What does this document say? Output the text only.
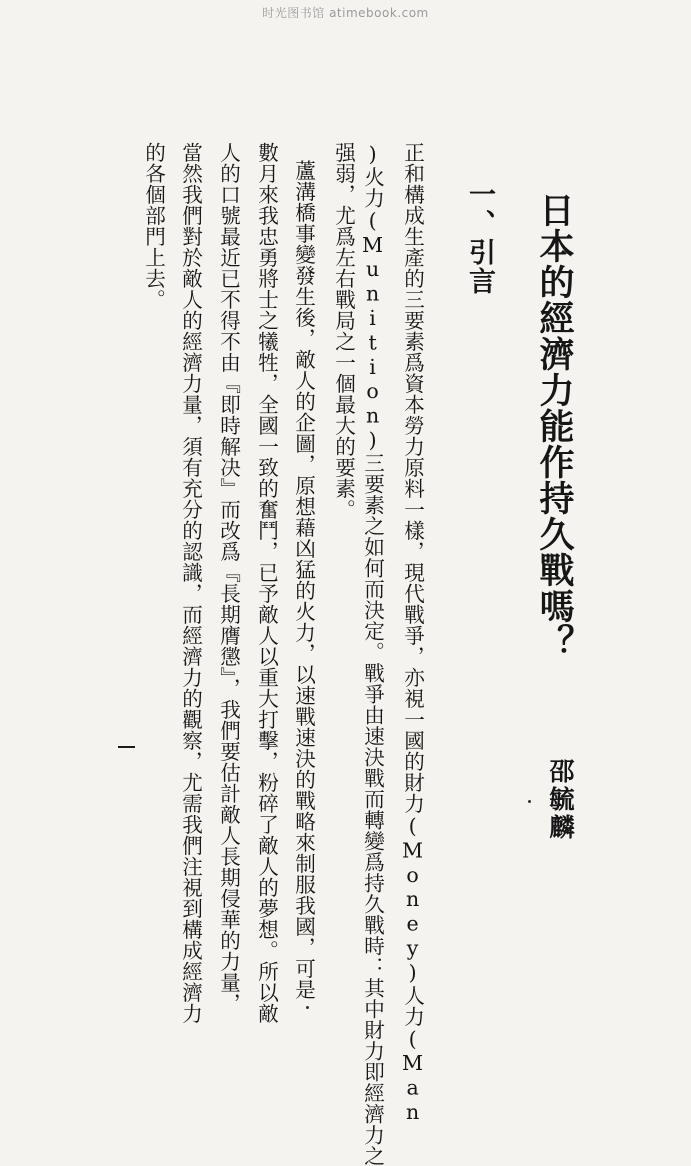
时光图书馆 atimebook.com
日本的經濟力能作持久戰嗎？
邵毓麟
一、引言
正和構成生產的三要素爲資本勞力原料一樣，現代戰爭，亦視一國的財力(Money)人力(Man
)火力(Munition)三要素之如何而決定。戰爭由速決戰而轉變爲持久戰時：其中財力即經濟力之
强弱，尤爲左右戰局之一個最大的要素。
蘆溝橋事變發生後，敵人的企圖，原想藉凶猛的火力，以速戰速決的戰略來制服我國，可是
數月來我忠勇將士之犧牲，全國一致的奮鬥，已予敵人以重大打擊，粉碎了敵人的夢想。所以敵
人的口號最近已不得不由『即時解决』而改爲『長期膺懲』，我們要估計敵人長期侵華的力量，
當然我們對於敵人的經濟力量，須有充分的認識，而經濟力的觀察，尤需我們注視到構成經濟力
的各個部門上去。
